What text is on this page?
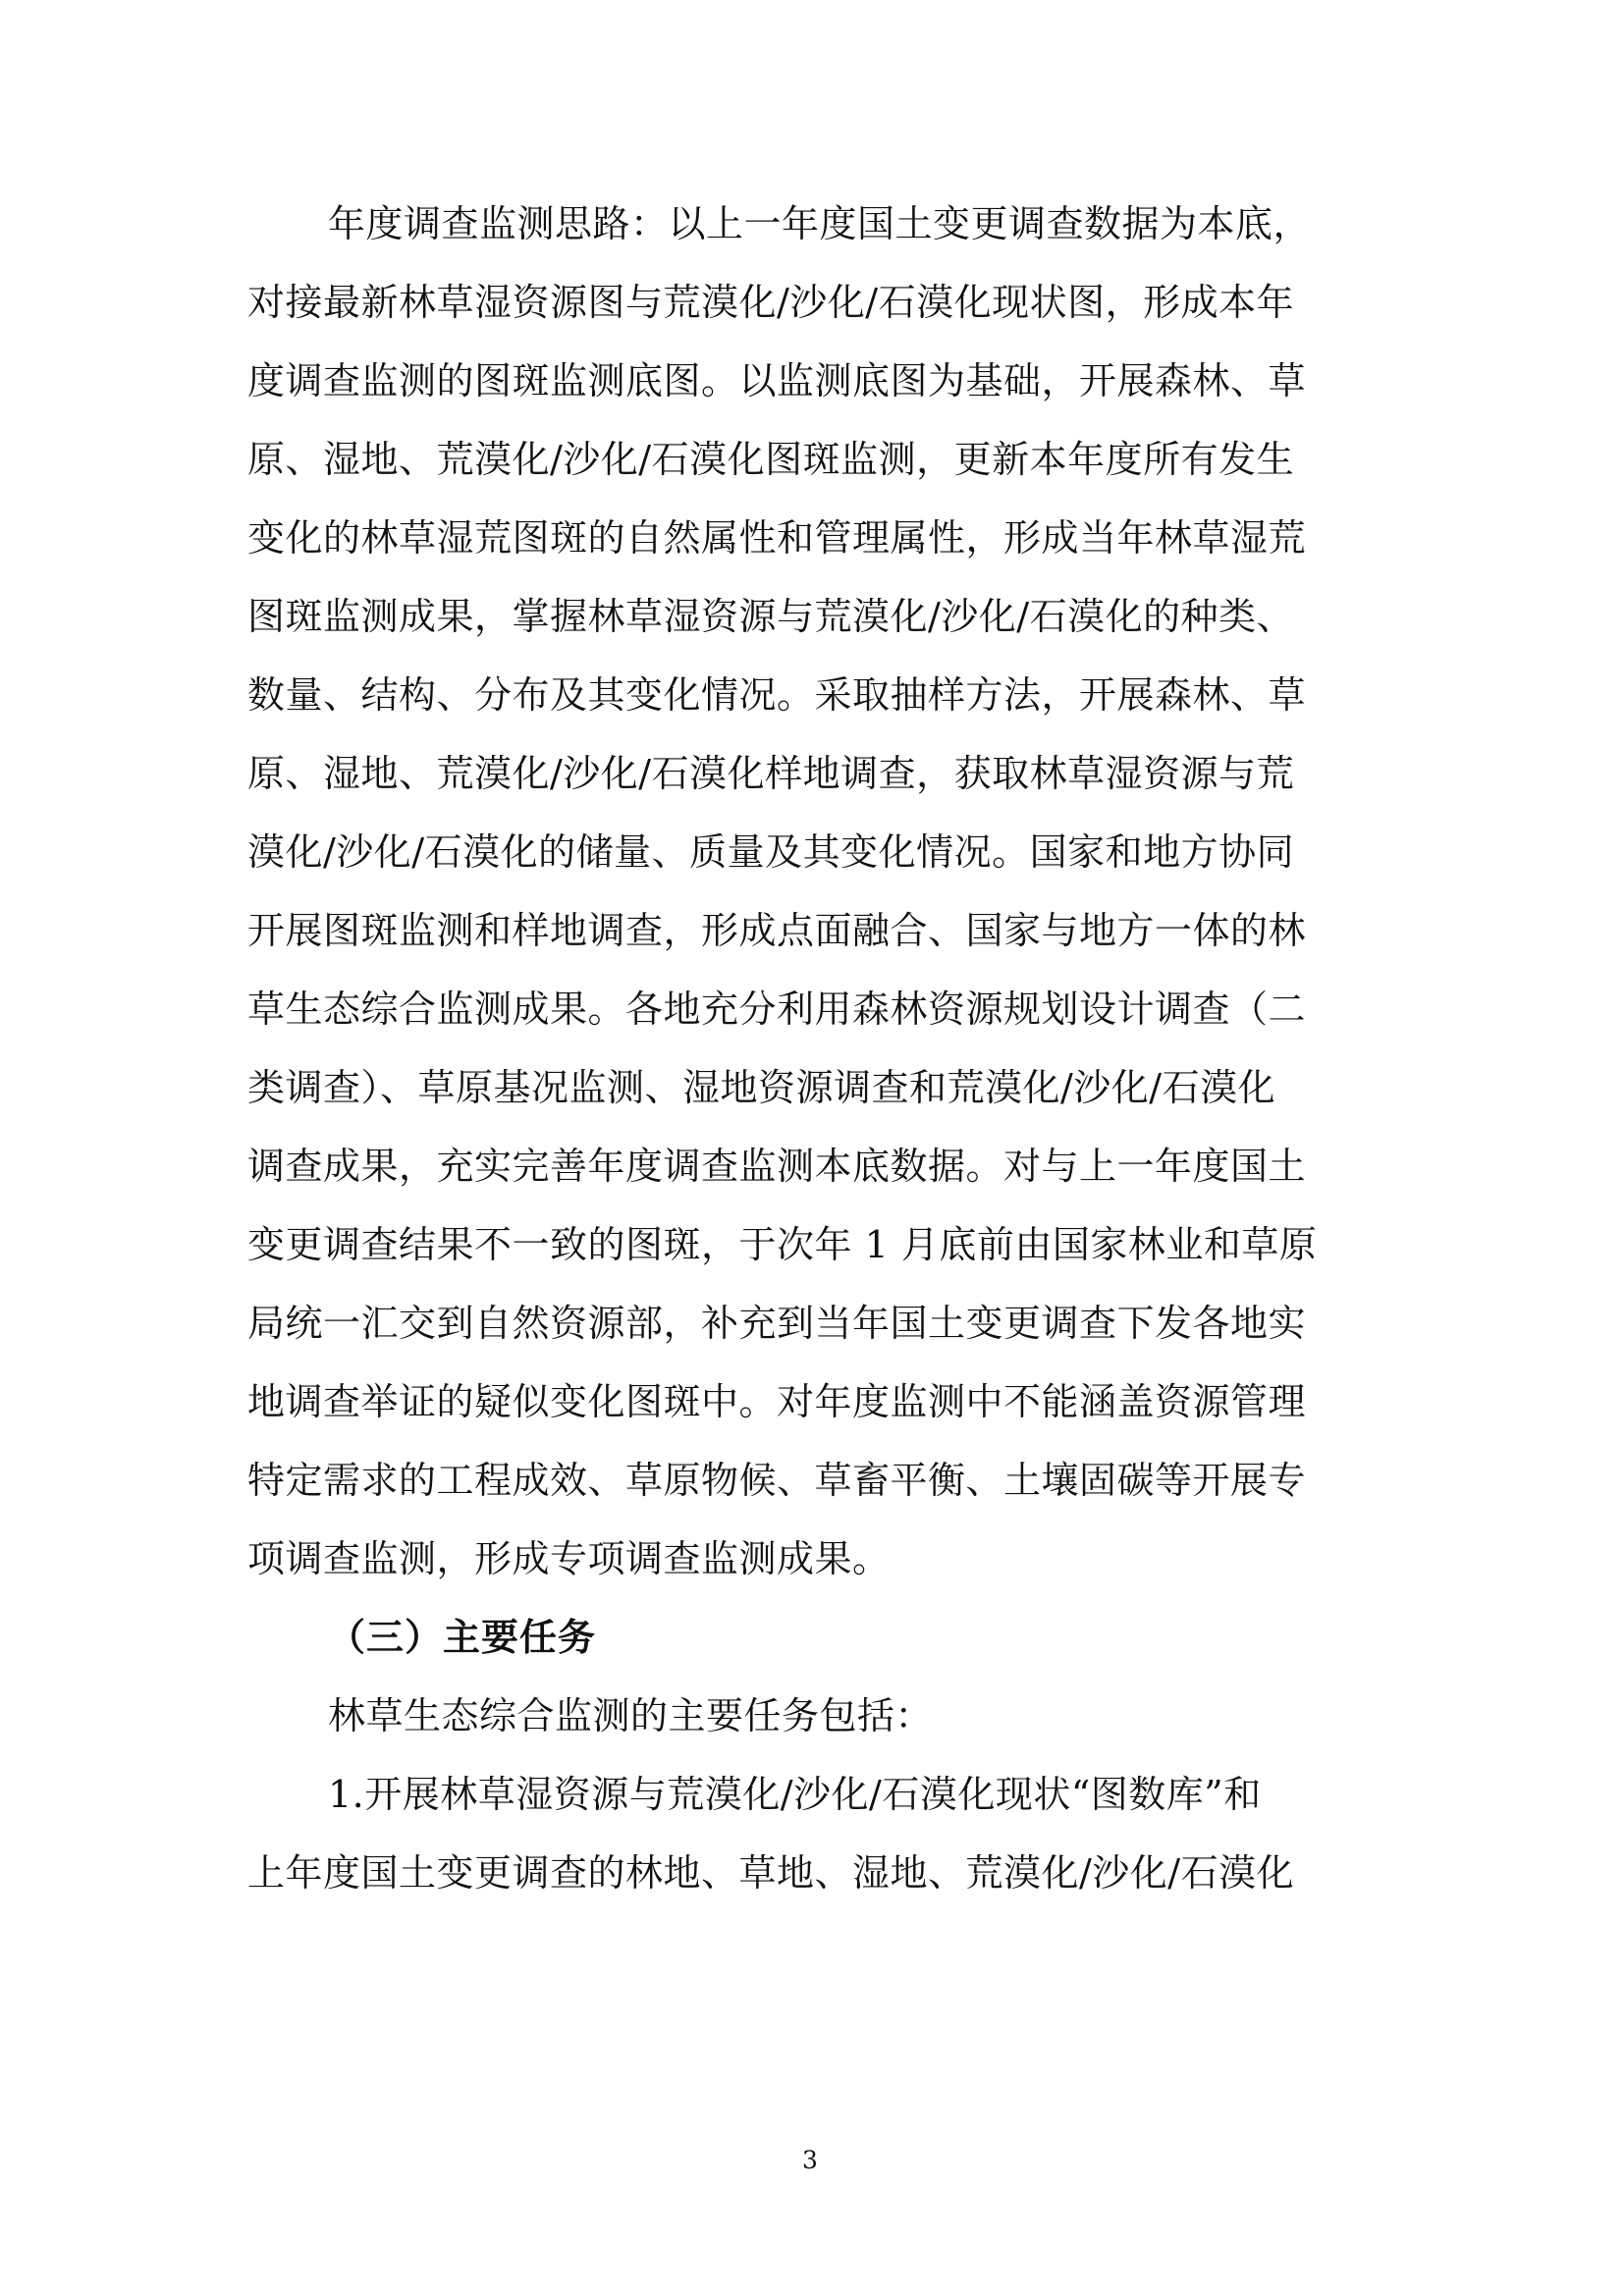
年度调查监测思路：以上一年度国土变更调查数据为本底，
对接最新林草湿资源图与荒漠化/沙化/石漠化现状图，形成本年
度调查监测的图斑监测底图。以监测底图为基础，开展森林、草
原、湿地、荒漠化/沙化/石漠化图斑监测，更新本年度所有发生
变化的林草湿荒图斑的自然属性和管理属性，形成当年林草湿荒
图斑监测成果，掌握林草湿资源与荒漠化/沙化/石漠化的种类、
数量、结构、分布及其变化情况。采取抽样方法，开展森林、草
原、湿地、荒漠化/沙化/石漠化样地调查，获取林草湿资源与荒
漠化/沙化/石漠化的储量、质量及其变化情况。国家和地方协同
开展图斑监测和样地调查，形成点面融合、国家与地方一体的林
草生态综合监测成果。各地充分利用森林资源规划设计调查（二
类调查）、草原基况监测、湿地资源调查和荒漠化/沙化/石漠化
调查成果，充实完善年度调查监测本底数据。对与上一年度国土
变更调查结果不一致的图斑，于次年 1 月底前由国家林业和草原
局统一汇交到自然资源部，补充到当年国土变更调查下发各地实
地调查举证的疑似变化图斑中。对年度监测中不能涵盖资源管理
特定需求的工程成效、草原物候、草畜平衡、土壤固碳等开展专
项调查监测，形成专项调查监测成果。
（三）主要任务
林草生态综合监测的主要任务包括：
1.开展林草湿资源与荒漠化/沙化/石漠化现状“图数库”和
上年度国土变更调查的林地、草地、湿地、荒漠化/沙化/石漠化
3
